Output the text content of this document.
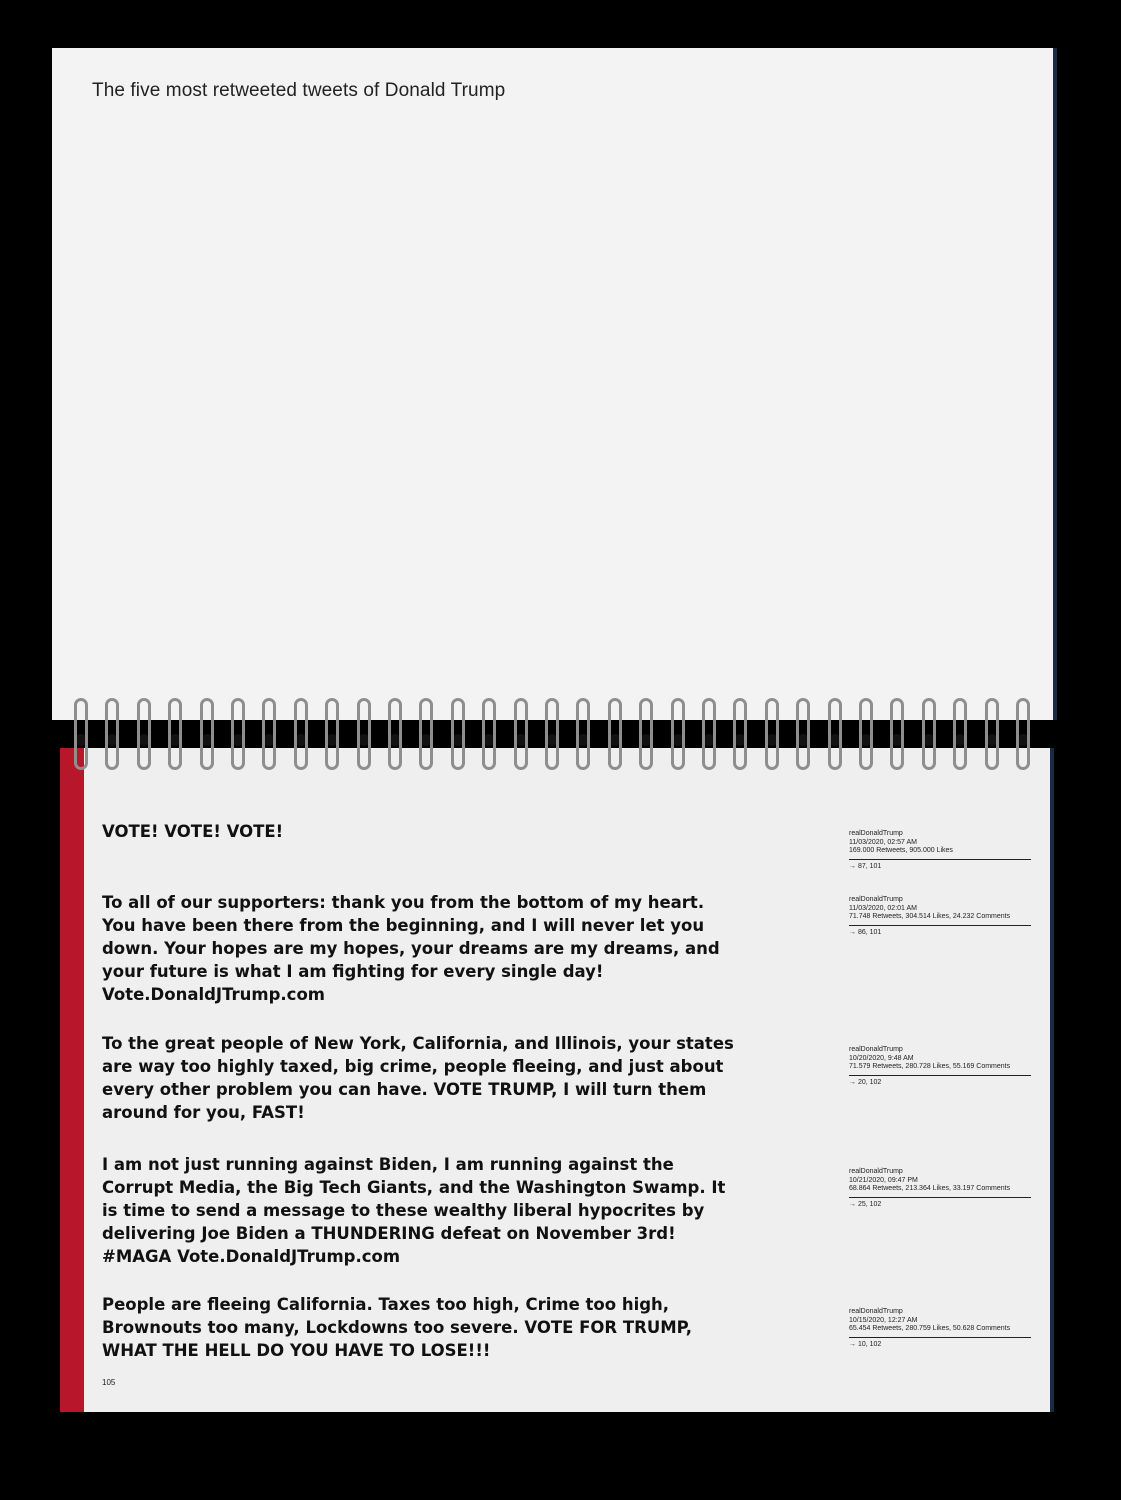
The five most retweeted tweets of Donald Trump
VOTE! VOTE! VOTE!	realDonaldTrump
11/03/2020, 02:57 AM
169.000 Retweets, 905.000 Likes
→ 87, 101
To all of our supporters: thank you from the bottom of my heart. You have been there from the beginning, and I will never let you down. Your hopes are my hopes, your dreams are my dreams, and your future is what I am fighting for every single day! Vote.DonaldJTrump.com
realDonaldTrump
11/03/2020, 02:01 AM
71.748 Retweets, 304.514 Likes, 24.232 Comments
→ 86, 101
To the great people of New York, California, and Illinois, your states are way too highly taxed, big crime, people fleeing, and just about every other problem you can have. VOTE TRUMP, I will turn them around for you, FAST!
realDonaldTrump
10/20/2020, 9:48 AM
71.579 Retweets, 280.728 Likes, 55.169 Comments
→ 20, 102
I am not just running against Biden, I am running against the Corrupt Media, the Big Tech Giants, and the Washington Swamp. It is time to send a message to these wealthy liberal hypocrites by delivering Joe Biden a THUNDERING defeat on November 3rd! #MAGA Vote.DonaldJTrump.com
realDonaldTrump
10/21/2020, 09:47 PM
68.864 Retweets, 213.364 Likes, 33.197 Comments
→ 25, 102
People are fleeing California. Taxes too high, Crime too high, Brownouts too many, Lockdowns too severe. VOTE FOR TRUMP, WHAT THE HELL DO YOU HAVE TO LOSE!!!
realDonaldTrump
10/15/2020, 12:27 AM
65.454 Retweets, 280.759 Likes, 50.628 Comments
→ 10, 102
105
